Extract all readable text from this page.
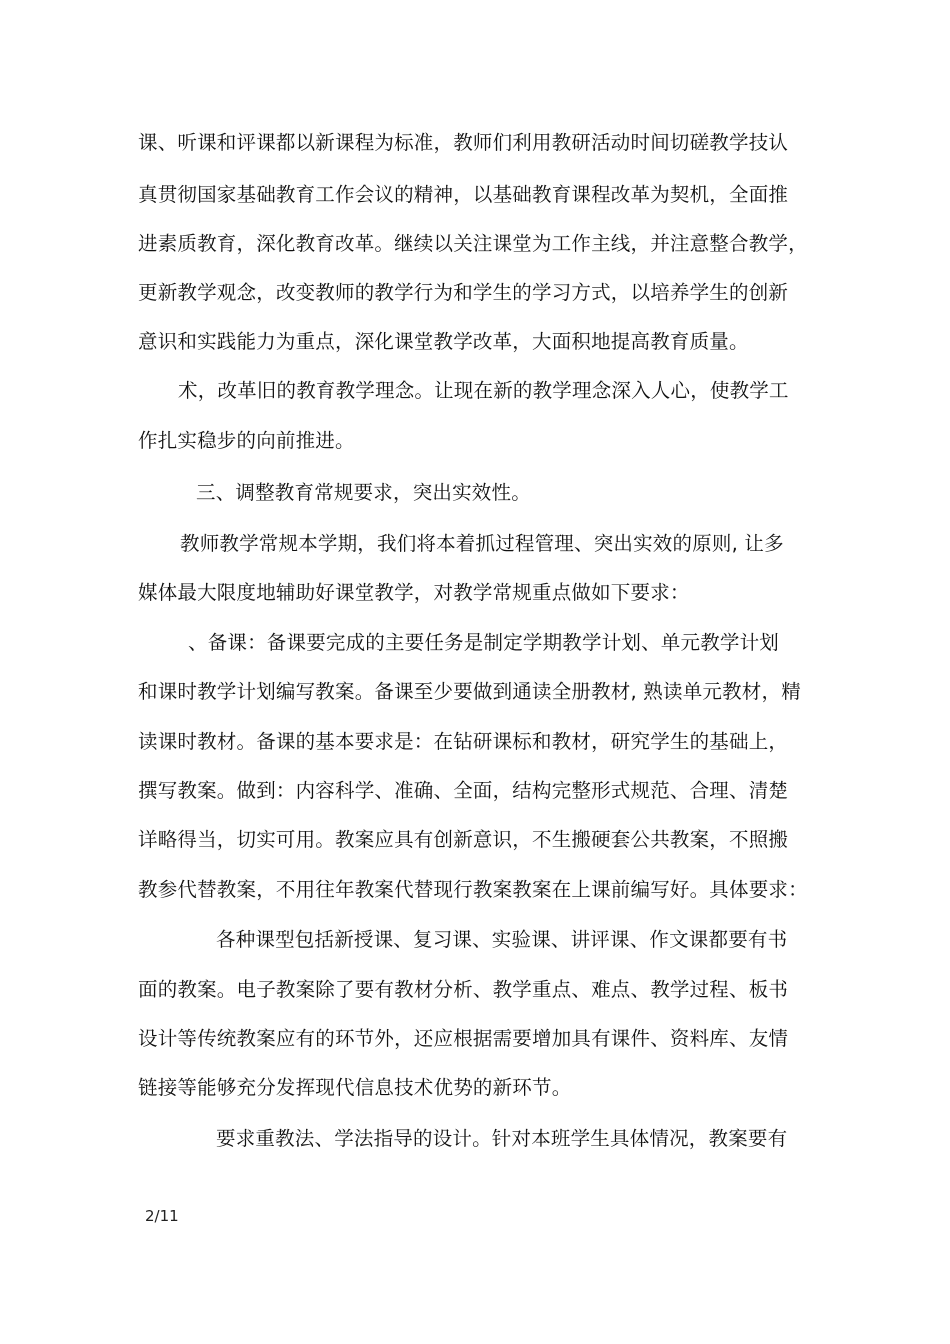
课、听课和评课都以新课程为标准，教师们利用教研活动时间切磋教学技认
真贯彻国家基础教育工作会议的精神，以基础教育课程改革为契机，全面推
进素质教育，深化教育改革。继续以关注课堂为工作主线，并注意整合教学，
更新教学观念，改变教师的教学行为和学生的学习方式，以培养学生的创新
意识和实践能力为重点，深化课堂教学改革，大面积地提高教育质量。
术，改革旧的教育教学理念。让现在新的教学理念深入人心，使教学工
作扎实稳步的向前推进。
三、调整教育常规要求，突出实效性。
教师教学常规本学期，我们将本着抓过程管理、突出实效的原则, 让多
媒体最大限度地辅助好课堂教学，对教学常规重点做如下要求：
、备课：备课要完成的主要任务是制定学期教学计划、单元教学计划
和课时教学计划编写教案。备课至少要做到通读全册教材, 熟读单元教材，精
读课时教材。备课的基本要求是：在钻研课标和教材，研究学生的基础上，
撰写教案。做到：内容科学、准确、全面，结构完整形式规范、合理、清楚
详略得当，切实可用。教案应具有创新意识，不生搬硬套公共教案，不照搬
教参代替教案，不用往年教案代替现行教案教案在上课前编写好。具体要求：
各种课型包括新授课、复习课、实验课、讲评课、作文课都要有书
面的教案。电子教案除了要有教材分析、教学重点、难点、教学过程、板书
设计等传统教案应有的环节外，还应根据需要增加具有课件、资料库、友情
链接等能够充分发挥现代信息技术优势的新环节。
要求重教法、学法指导的设计。针对本班学生具体情况，教案要有
2/11
